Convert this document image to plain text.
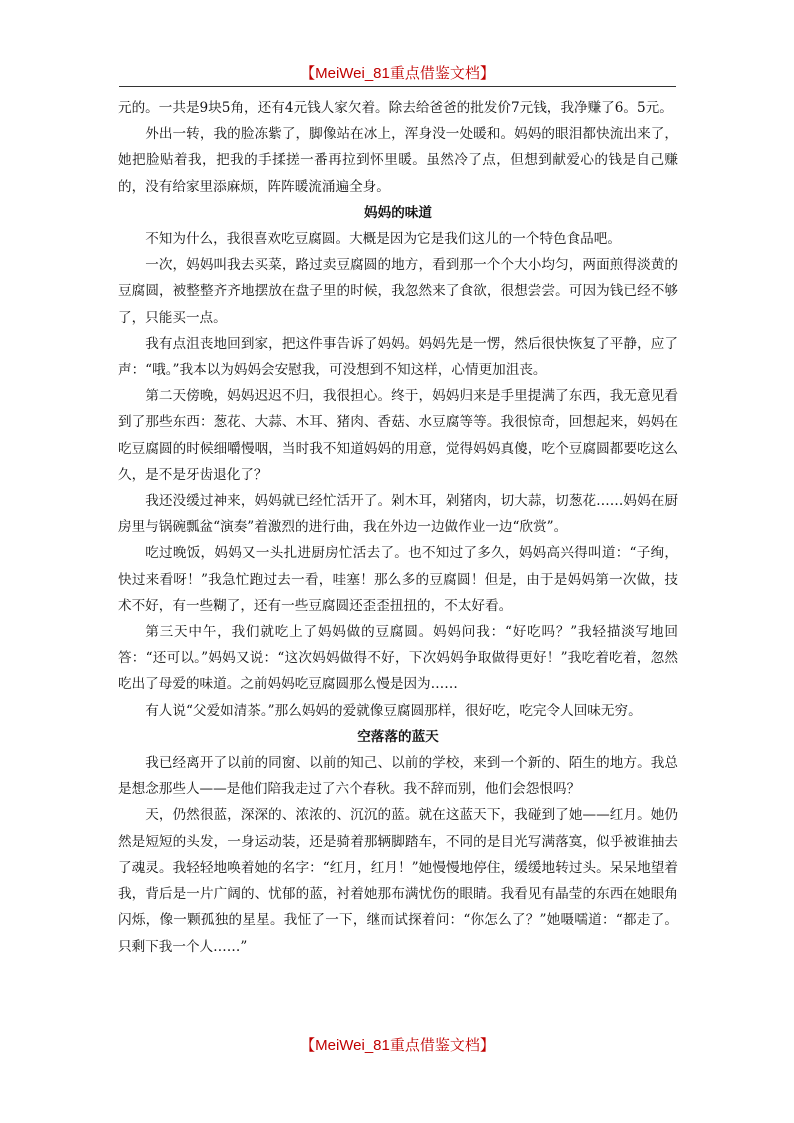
【MeiWei_81重点借鉴文档】

元的。一共是9块5角，还有4元钱人家欠着。除去给爸爸的批发价7元钱，我净赚了6。5元。

外出一转，我的脸冻紫了，脚像站在冰上，浑身没一处暖和。妈妈的眼泪都快流出来了，她把脸贴着我，把我的手揉搓一番再拉到怀里暖。虽然冷了点，但想到献爱心的钱是自己赚的，没有给家里添麻烦，阵阵暖流涌遍全身。

妈妈的味道

不知为什么，我很喜欢吃豆腐圆。大概是因为它是我们这儿的一个特色食品吧。

一次，妈妈叫我去买菜，路过卖豆腐圆的地方，看到那一个个大小均匀，两面煎得淡黄的豆腐圆，被整整齐齐地摆放在盘子里的时候，我忽然来了食欲，很想尝尝。可因为钱已经不够了，只能买一点。

我有点沮丧地回到家，把这件事告诉了妈妈。妈妈先是一愣，然后很快恢复了平静，应了声：“哦。”我本以为妈妈会安慰我，可没想到不知这样，心情更加沮丧。

第二天傍晚，妈妈迟迟不归，我很担心。终于，妈妈归来是手里提满了东西，我无意见看到了那些东西：葱花、大蒜、木耳、猪肉、香菇、水豆腐等等。我很惊奇，回想起来，妈妈在吃豆腐圆的时候细嚼慢咽，当时我不知道妈妈的用意，觉得妈妈真傻，吃个豆腐圆都要吃这么久，是不是牙齿退化了？

我还没缓过神来，妈妈就已经忙活开了。剁木耳，剁猪肉，切大蒜，切葱花……妈妈在厨房里与锅碗瓢盆“演奏”着激烈的进行曲，我在外边一边做作业一边“欣赏”。

吃过晚饭，妈妈又一头扎进厨房忙活去了。也不知过了多久，妈妈高兴得叫道：“子绚，快过来看呀！”我急忙跑过去一看，哇塞！那么多的豆腐圆！但是，由于是妈妈第一次做，技术不好，有一些糊了，还有一些豆腐圆还歪歪扭扭的，不太好看。

第三天中午，我们就吃上了妈妈做的豆腐圆。妈妈问我：“好吃吗？”我轻描淡写地回答：“还可以。”妈妈又说：“这次妈妈做得不好，下次妈妈争取做得更好！”我吃着吃着，忽然吃出了母爱的味道。之前妈妈吃豆腐圆那么慢是因为……

有人说“父爱如清茶。”那么妈妈的爱就像豆腐圆那样，很好吃，吃完令人回味无穷。

空落落的蓝天

我已经离开了以前的同窗、以前的知己、以前的学校，来到一个新的、陌生的地方。我总是想念那些人——是他们陪我走过了六个春秋。我不辞而别，他们会怨恨吗？

天，仍然很蓝，深深的、浓浓的、沉沉的蓝。就在这蓝天下，我碰到了她——红月。她仍然是短短的头发，一身运动装，还是骑着那辆脚踏车，不同的是目光写满落寞，似乎被谁抽去了魂灵。我轻轻地唤着她的名字：“红月，红月！”她慢慢地停住，缓缓地转过头。呆呆地望着我，背后是一片广阔的、忧郁的蓝，衬着她那布满忧伤的眼睛。我看见有晶莹的东西在她眼角闪烁，像一颗孤独的星星。我怔了一下，继而试探着问：“你怎么了？”她嗫嚅道：“都走了。只剩下我一个人……”

【MeiWei_81重点借鉴文档】
